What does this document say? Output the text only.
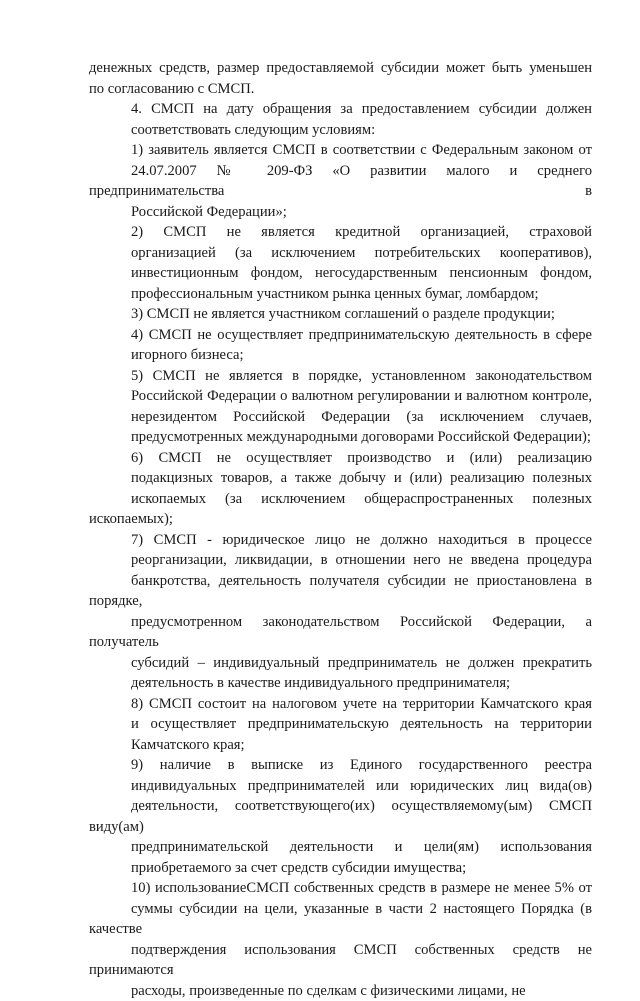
денежных средств, размер предоставляемой субсидии может быть уменьшен
по согласованию с СМСП.

4. СМСП на дату обращения за предоставлением субсидии должен
соответствовать следующим условиям:

1) заявитель является СМСП в соответствии с Федеральным законом от
24.07.2007 № 209-ФЗ «О развитии малого и среднего предпринимательства в
Российской Федерации»;

2) СМСП не является кредитной организацией, страховой
организацией (за исключением потребительских кооперативов),
инвестиционным фондом, негосударственным пенсионным фондом,
профессиональным участником рынка ценных бумаг, ломбардом;

3) СМСП не является участником соглашений о разделе продукции;

4) СМСП не осуществляет предпринимательскую деятельность в сфере
игорного бизнеса;

5) СМСП не является в порядке, установленном законодательством
Российской Федерации о валютном регулировании и валютном контроле,
нерезидентом Российской Федерации (за исключением случаев,
предусмотренных международными договорами Российской Федерации);

6) СМСП не осуществляет производство и (или) реализацию
подакцизных товаров, а также добычу и (или) реализацию полезных
ископаемых (за исключением общераспространенных полезных ископаемых);

7) СМСП - юридическое лицо не должно находиться в процессе
реорганизации, ликвидации, в отношении него не введена процедура
банкротства, деятельность получателя субсидии не приостановлена в порядке,
предусмотренном законодательством Российской Федерации, а получатель
субсидий – индивидуальный предприниматель не должен прекратить
деятельность в качестве индивидуального предпринимателя;

8) СМСП состоит на налоговом учете на территории Камчатского края
и осуществляет предпринимательскую деятельность на территории
Камчатского края;

9) наличие в выписке из Единого государственного реестра
индивидуальных предпринимателей или юридических лиц вида(ов)
деятельности, соответствующего(их) осуществляемому(ым) СМСП виду(ам)
предпринимательской деятельности и цели(ям) использования
приобретаемого за счет средств субсидии имущества;

10) использованиеСМСП собственных средств в размере не менее 5% от
суммы субсидии на цели, указанные в части 2 настоящего Порядка (в качестве
подтверждения использования СМСП собственных средств не принимаются
расходы, произведенные по сделкам с физическими лицами, не
